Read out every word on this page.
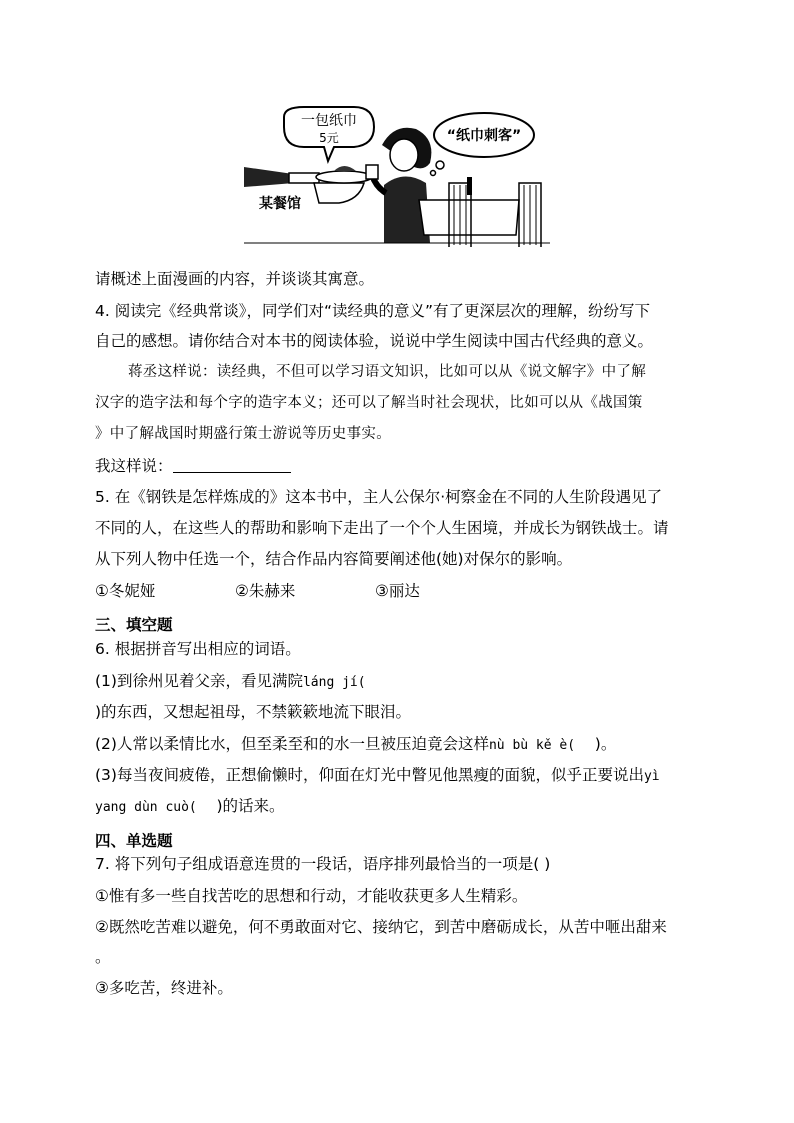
一包纸巾
5元	“纸巾刺客”
某餐馆
请概述上面漫画的内容，并谈谈其寓意。
4. 阅读完《经典常谈》，同学们对“读经典的意义”有了更深层次的理解，纷纷写下
自己的感想。请你结合对本书的阅读体验，说说中学生阅读中国古代经典的意义。
蒋丞这样说：读经典，不但可以学习语文知识，比如可以从《说文解字》中了解
汉字的造字法和每个字的造字本义；还可以了解当时社会现状，比如可以从《战国策
》中了解战国时期盛行策士游说等历史事实。
我这样说：
5. 在《钢铁是怎样炼成的》这本书中，主人公保尔·柯察金在不同的人生阶段遇见了
不同的人，在这些人的帮助和影响下走出了一个个人生困境，并成长为钢铁战士。请
从下列人物中任选一个，结合作品内容简要阐述他(她)对保尔的影响。
①冬妮娅	②朱赫来	③丽达
三、填空题
6. 根据拼音写出相应的词语。
(1)到徐州见着父亲，看见满院láng jí(
)的东西，又想起祖母，不禁簌簌地流下眼泪。
(2)人常以柔情比水，但至柔至和的水一旦被压迫竟会这样nù bù kě è(    )。
(3)每当夜间疲倦，正想偷懒时，仰面在灯光中瞥见他黑瘦的面貌，似乎正要说出yì
yang dùn cuò(    )的话来。
四、单选题
7. 将下列句子组成语意连贯的一段话，语序排列最恰当的一项是( )
①惟有多一些自找苦吃的思想和行动，才能收获更多人生精彩。
②既然吃苦难以避免，何不勇敢面对它、接纳它，到苦中磨砺成长，从苦中咂出甜来
。
③多吃苦，终进补。
